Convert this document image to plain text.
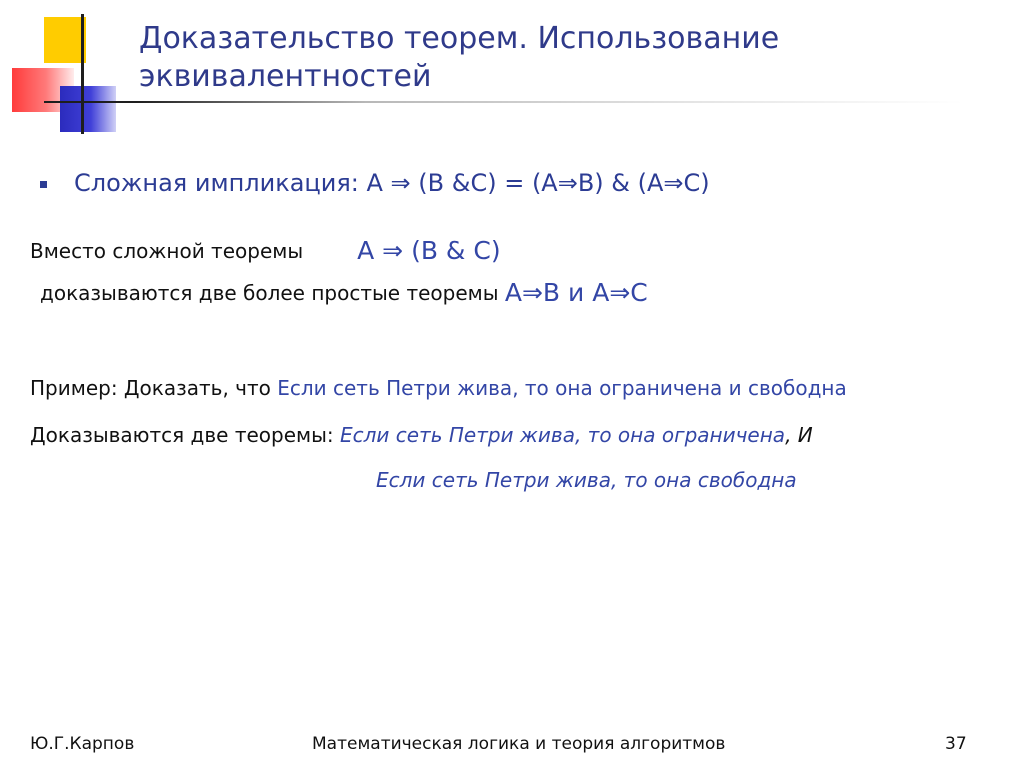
Доказательство теорем. Использование эквивалентностей
Сложная импликация: A ⇒ (B &C) = (A⇒B) & (A⇒C)
Вместо сложной теоремы A ⇒ (B & C)
доказываются две более простые теоремы A⇒B и A⇒C
Пример: Доказать, что Если сеть Петри жива, то она ограничена и свободна
Доказываются две теоремы: Если сеть Петри жива, то она ограничена, И
Если сеть Петри жива, то она свободна
Ю.Г.Карпов	Математическая логика и теория алгоритмов	37
